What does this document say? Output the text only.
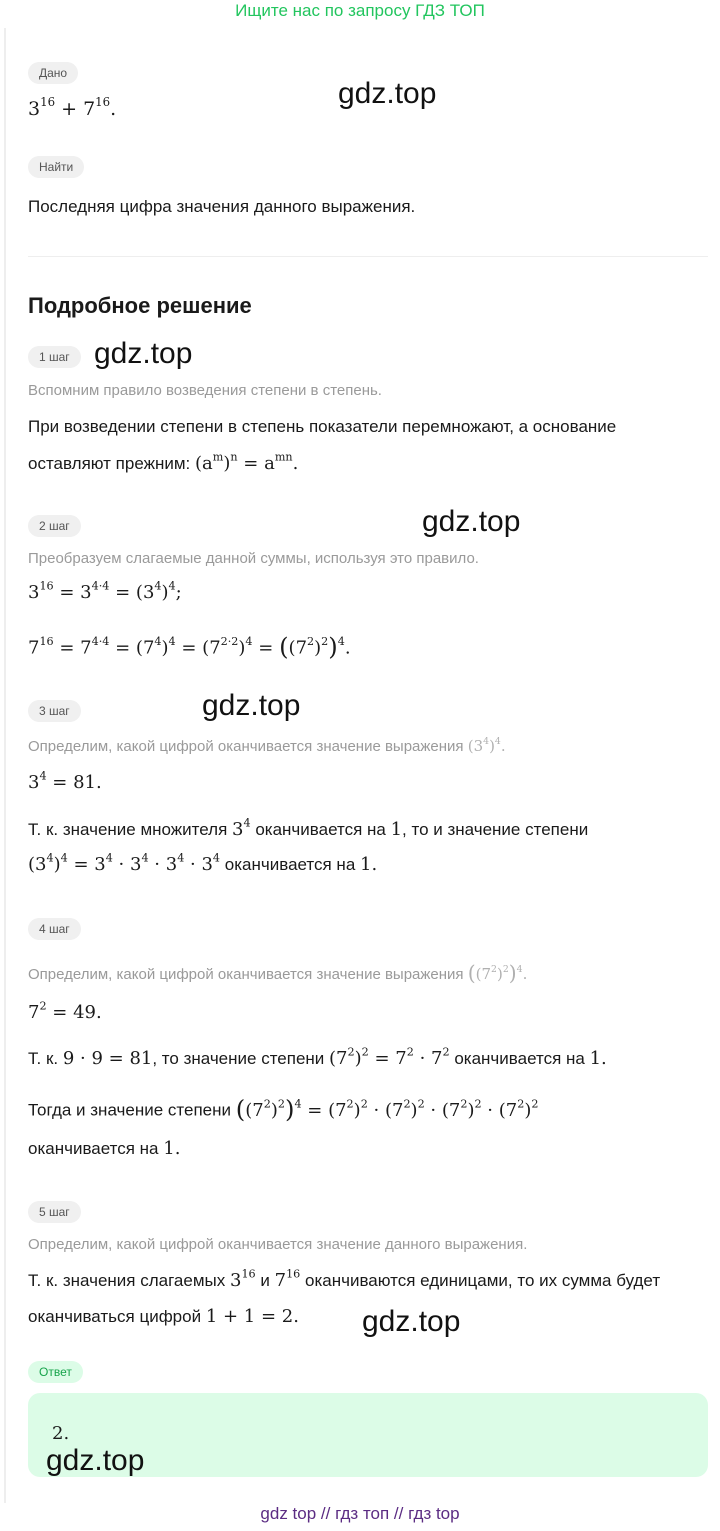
Ищите нас по запросу ГДЗ ТОП
Дано
$3^{16} + 7^{16}$.	gdz.top
Найти
Последняя цифра значения данного выражения.
Подробное решение
1 шаг gdz.top
Вспомним правило возведения степени в степень.
При возведении степени в степень показатели перемножают, а основание
оставляют прежним: $(a^m)^n = a^{mn}$.
2 шаг	gdz.top
Преобразуем слагаемые данной суммы, используя это правило.
$3^{16} = 3^{4\cdot 4} = (3^4)^4$;
$7^{16} = 7^{4\cdot 4} = (7^4)^4 = (7^{2\cdot 2})^4 = ((7^2)^2)^4$.
3 шаг	gdz.top
Определим, какой цифрой оканчивается значение выражения $(3^4)^4$.
$3^4 = 81$.
Т. к. значение множителя $3^4$ оканчивается на 1, то и значение степени
$(3^4)^4 = 3^4 \cdot 3^4 \cdot 3^4 \cdot 3^4$ оканчивается на 1.
4 шаг
Определим, какой цифрой оканчивается значение выражения $((7^2)^2)^4$.
$7^2 = 49$.
Т. к. 9 · 9 = 81, то значение степени $(7^2)^2 = 7^2 \cdot 7^2$ оканчивается на 1.
Тогда и значение степени $((7^2)^2)^4 = (7^2)^2 \cdot (7^2)^2 \cdot (7^2)^2 \cdot (7^2)^2$
оканчивается на 1.
5 шаг
Определим, какой цифрой оканчивается значение данного выражения.
Т. к. значения слагаемых $3^{16}$ и $7^{16}$ оканчиваются единицами, то их сумма будет
оканчиваться цифрой 1 + 1 = 2. gdz.top
Ответ
2.
gdz.top
gdz top // гдз топ // гдз top
